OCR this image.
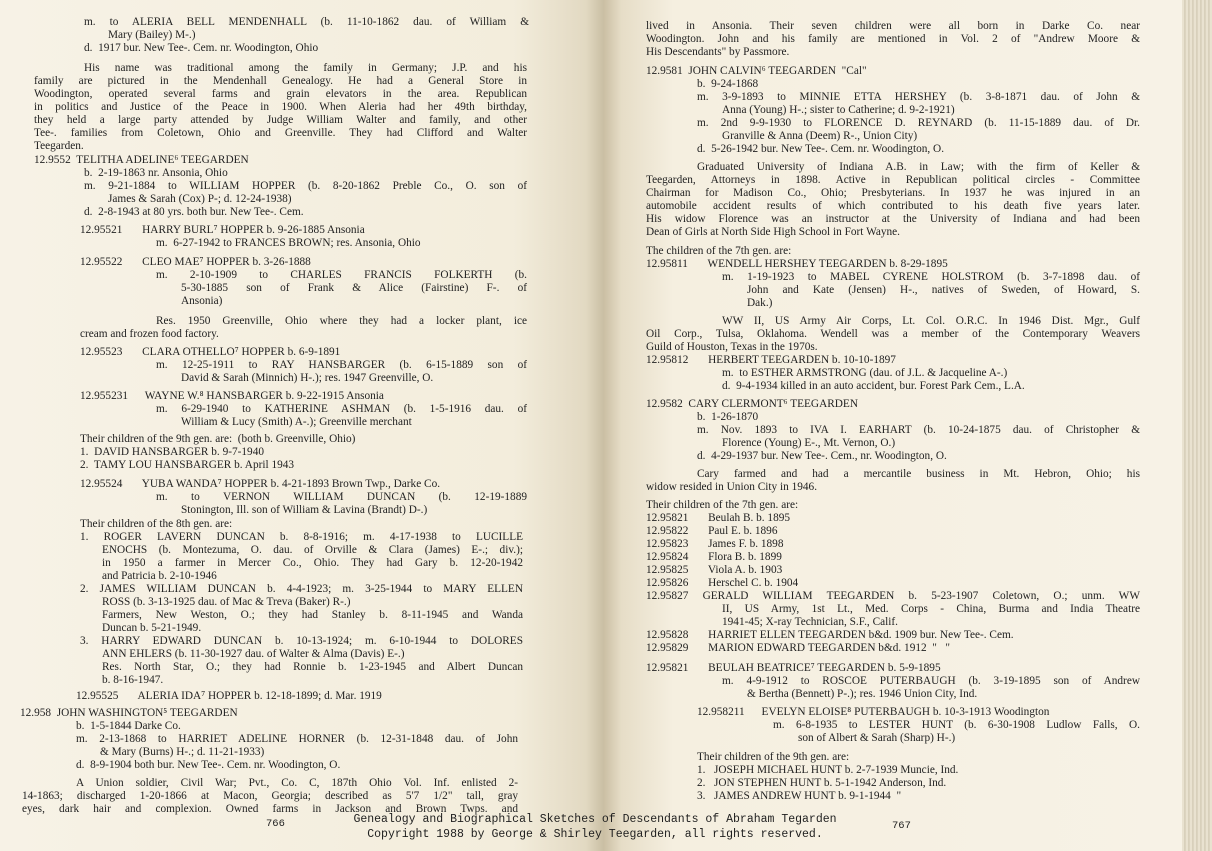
m. to ALERIA BELL MENDENHALL (b. 11-10-1862 dau. of William &
Mary (Bailey) M-.)
d.  1917 bur. New Tee-. Cem. nr. Woodington, Ohio
His name was traditional among the family in Germany; J.P. and his
family are pictured in the Mendenhall Genealogy. He had a General Store in
Woodington, operated several farms and grain elevators in the area. Republican
in politics and Justice of the Peace in 1900. When Aleria had her 49th birthday,
they held a large party attended by Judge William Walter and family, and other
Tee-. families from Coletown, Ohio and Greenville. They had Clifford and Walter
Teegarden.
12.9552  TELITHA ADELINE⁶ TEEGARDEN
b.  2-19-1863 nr. Ansonia, Ohio
m. 9-21-1884 to WILLIAM HOPPER (b. 8-20-1862 Preble Co., O. son of
James & Sarah (Cox) P-; d. 12-24-1938)
d.  2-8-1943 at 80 yrs. both bur. New Tee-. Cem.
12.95521       HARRY BURL⁷ HOPPER b. 9-26-1885 Ansonia
m.  6-27-1942 to FRANCES BROWN; res. Ansonia, Ohio
12.95522       CLEO MAE⁷ HOPPER b. 3-26-1888
m. 2-10-1909 to CHARLES FRANCIS FOLKERTH (b.
5-30-1885 son of Frank & Alice (Fairstine) F-. of
Ansonia)
Res. 1950 Greenville, Ohio where they had a locker plant, ice
cream and frozen food factory.
12.95523       CLARA OTHELLO⁷ HOPPER b. 6-9-1891
m. 12-25-1911 to RAY HANSBARGER (b. 6-15-1889 son of
David & Sarah (Minnich) H-.); res. 1947 Greenville, O.
12.955231      WAYNE W.⁸ HANSBARGER b. 9-22-1915 Ansonia
m. 6-29-1940 to KATHERINE ASHMAN (b. 1-5-1916 dau. of
William & Lucy (Smith) A-.); Greenville merchant
Their children of the 9th gen. are:  (both b. Greenville, Ohio)
1.  DAVID HANSBARGER b. 9-7-1940
2.  TAMY LOU HANSBARGER b. April 1943
12.95524       YUBA WANDA⁷ HOPPER b. 4-21-1893 Brown Twp., Darke Co.
m. to VERNON WILLIAM DUNCAN (b. 12-19-1889
Stonington, Ill. son of William & Lavina (Brandt) D-.)
Their children of the 8th gen. are:
1. ROGER LAVERN DUNCAN b. 8-8-1916; m. 4-17-1938 to LUCILLE
ENOCHS (b. Montezuma, O. dau. of Orville & Clara (James) E-.; div.);
in 1950 a farmer in Mercer Co., Ohio. They had Gary b. 12-20-1942
and Patricia b. 2-10-1946
2. JAMES WILLIAM DUNCAN b. 4-4-1923; m. 3-25-1944 to MARY ELLEN
ROSS (b. 3-13-1925 dau. of Mac & Treva (Baker) R-.)
Farmers, New Weston, O.; they had Stanley b. 8-11-1945 and Wanda
Duncan b. 5-21-1949.
3. HARRY EDWARD DUNCAN b. 10-13-1924; m. 6-10-1944 to DOLORES
ANN EHLERS (b. 11-30-1927 dau. of Walter & Alma (Davis) E-.)
Res. North Star, O.; they had Ronnie b. 1-23-1945 and Albert Duncan
b. 8-16-1947.
12.95525       ALERIA IDA⁷ HOPPER b. 12-18-1899; d. Mar. 1919
12.958  JOHN WASHINGTON⁵ TEEGARDEN
b.  1-5-1844 Darke Co.
m. 2-13-1868 to HARRIET ADELINE HORNER (b. 12-31-1848 dau. of John
& Mary (Burns) H-.; d. 11-21-1933)
d.  8-9-1904 both bur. New Tee-. Cem. nr. Woodington, O.
A Union soldier, Civil War; Pvt., Co. C, 187th Ohio Vol. Inf. enlisted 2-
14-1863; discharged 1-20-1866 at Macon, Georgia; described as 5'7 1/2" tall, gray
eyes, dark hair and complexion. Owned farms in Jackson and Brown Twps. and
766
lived in Ansonia. Their seven children were all born in Darke Co. near
Woodington. John and his family are mentioned in Vol. 2 of "Andrew Moore &
His Descendants" by Passmore.
12.9581  JOHN CALVIN⁶ TEEGARDEN  "Cal"
b.  9-24-1868
m. 3-9-1893 to MINNIE ETTA HERSHEY (b. 3-8-1871 dau. of John &
Anna (Young) H-.; sister to Catherine; d. 9-2-1921)
m. 2nd 9-9-1930 to FLORENCE D. REYNARD (b. 11-15-1889 dau. of Dr.
Granville & Anna (Deem) R-., Union City)
d.  5-26-1942 bur. New Tee-. Cem. nr. Woodington, O.
Graduated University of Indiana A.B. in Law; with the firm of Keller &
Teegarden, Attorneys in 1898. Active in Republican political circles - Committee
Chairman for Madison Co., Ohio; Presbyterians. In 1937 he was injured in an
automobile accident results of which contributed to his death five years later.
His widow Florence was an instructor at the University of Indiana and had been
Dean of Girls at North Side High School in Fort Wayne.
The children of the 7th gen. are:
12.95811       WENDELL HERSHEY TEEGARDEN b. 8-29-1895
m. 1-19-1923 to MABEL CYRENE HOLSTROM (b. 3-7-1898 dau. of
John and Kate (Jensen) H-., natives of Sweden, of Howard, S.
Dak.)
WW II, US Army Air Corps, Lt. Col. O.R.C. In 1946 Dist. Mgr., Gulf
Oil Corp., Tulsa, Oklahoma. Wendell was a member of the Contemporary Weavers
Guild of Houston, Texas in the 1970s.
12.95812       HERBERT TEEGARDEN b. 10-10-1897
m.  to ESTHER ARMSTRONG (dau. of J.L. & Jacqueline A-.)
d.  9-4-1934 killed in an auto accident, bur. Forest Park Cem., L.A.
12.9582  CARY CLERMONT⁶ TEEGARDEN
b.  1-26-1870
m. Nov. 1893 to IVA I. EARHART (b. 10-24-1875 dau. of Christopher &
Florence (Young) E-., Mt. Vernon, O.)
d.  4-29-1937 bur. New Tee-. Cem., nr. Woodington, O.
Cary farmed and had a mercantile business in Mt. Hebron, Ohio; his
widow resided in Union City in 1946.
Their children of the 7th gen. are:
12.95821       Beulah B. b. 1895
12.95822       Paul E. b. 1896
12.95823       James F. b. 1898
12.95824       Flora B. b. 1899
12.95825       Viola A. b. 1903
12.95826       Herschel C. b. 1904
12.95827 GERALD WILLIAM TEEGARDEN b. 5-23-1907 Coletown, O.; unm. WW
II, US Army, 1st Lt., Med. Corps - China, Burma and India Theatre
1941-45; X-ray Technician, S.F., Calif.
12.95828       HARRIET ELLEN TEEGARDEN b&d. 1909 bur. New Tee-. Cem.
12.95829       MARION EDWARD TEEGARDEN b&d. 1912  "   "
12.95821       BEULAH BEATRICE⁷ TEEGARDEN b. 5-9-1895
m. 4-9-1912 to ROSCOE PUTERBAUGH (b. 3-19-1895 son of Andrew
& Bertha (Bennett) P-.); res. 1946 Union City, Ind.
12.958211      EVELYN ELOISE⁸ PUTERBAUGH b. 10-3-1913 Woodington
m. 6-8-1935 to LESTER HUNT (b. 6-30-1908 Ludlow Falls, O.
son of Albert & Sarah (Sharp) H-.)
Their children of the 9th gen. are:
1.   JOSEPH MICHAEL HUNT b. 2-7-1939 Muncie, Ind.
2.   JON STEPHEN HUNT b. 5-1-1942 Anderson, Ind.
3.   JAMES ANDREW HUNT b. 9-1-1944  "
767
Genealogy and Biographical Sketches of Descendants of Abraham Tegarden
Copyright 1988 by George & Shirley Teegarden, all rights reserved.
